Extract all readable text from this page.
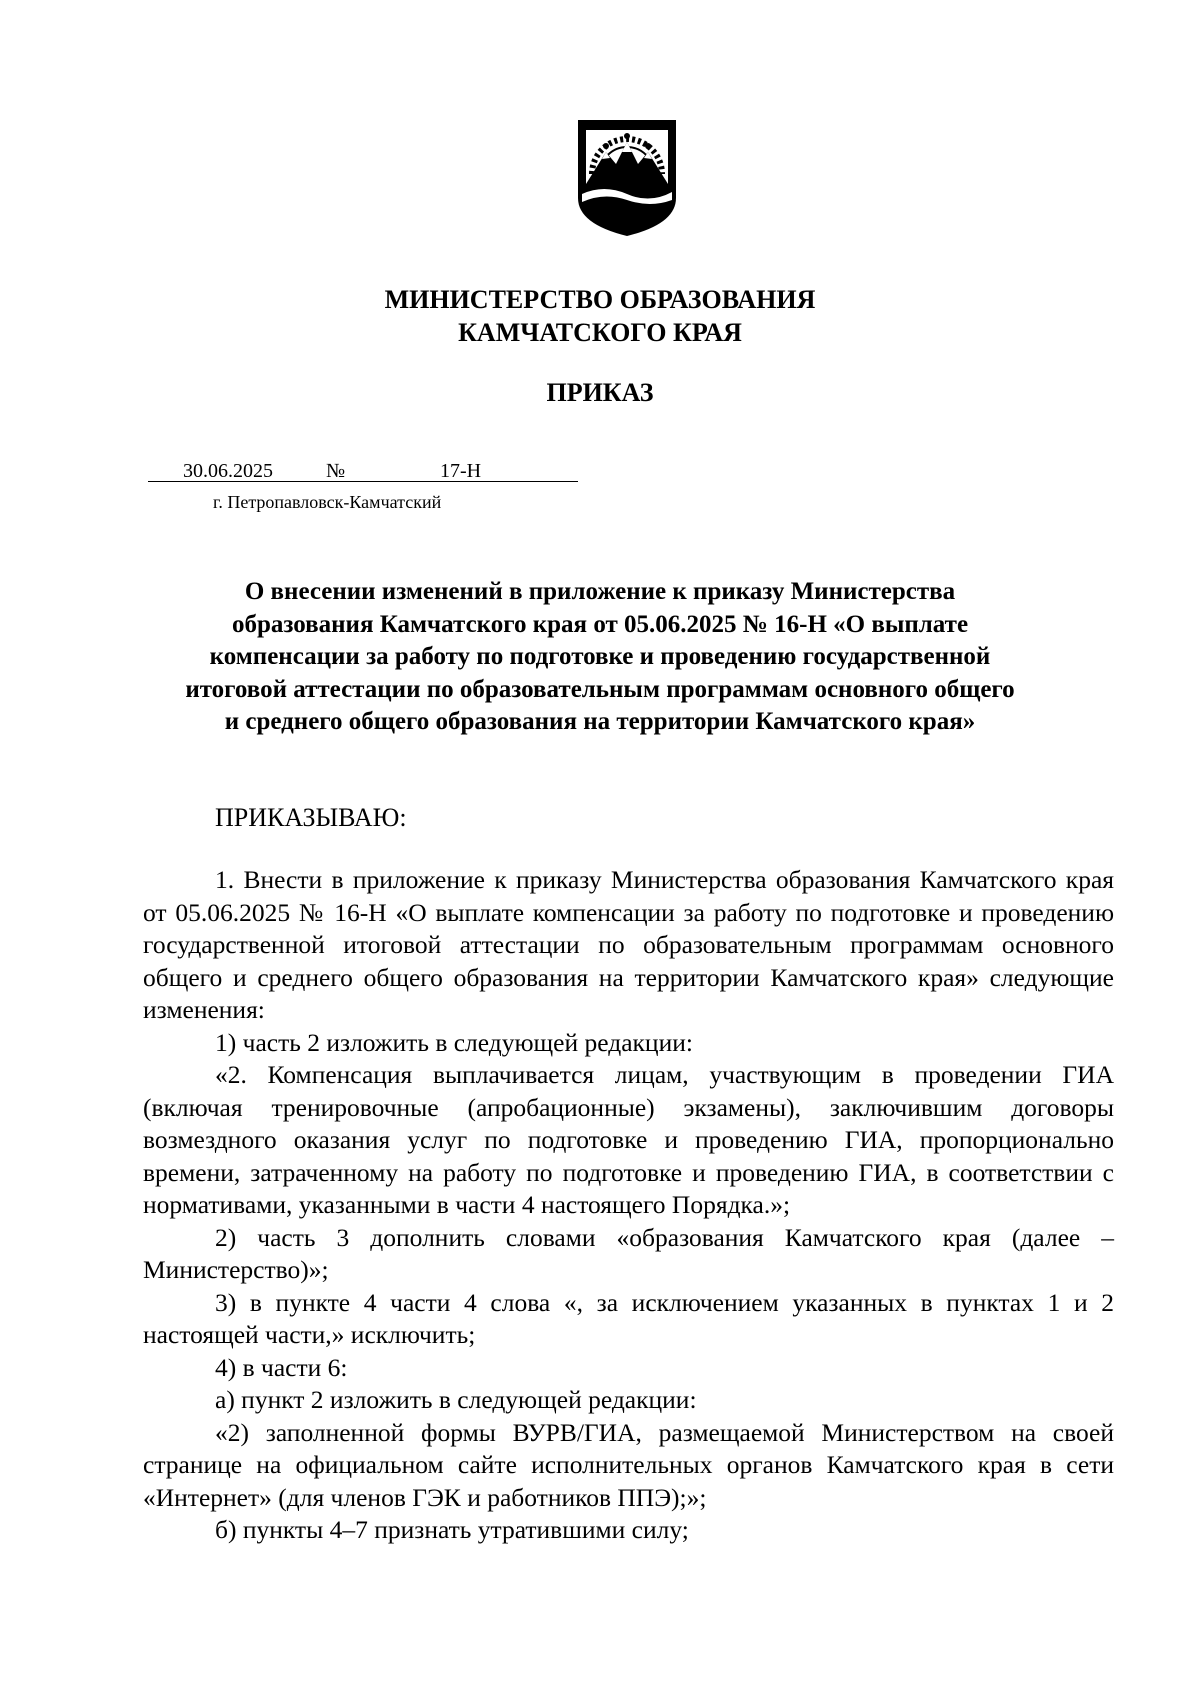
МИНИСТЕРСТВО ОБРАЗОВАНИЯ
КАМЧАТСКОГО КРАЯ
ПРИКАЗ
30.06.2025	№	17-Н
г. Петропавловск-Камчатский
О внесении изменений в приложение к приказу Министерства
образования Камчатского края от 05.06.2025 № 16-Н «О выплате
компенсации за работу по подготовке и проведению государственной
итоговой аттестации по образовательным программам основного общего
и среднего общего образования на территории Камчатского края»
ПРИКАЗЫВАЮ:

1. Внести в приложение к приказу Министерства образования Камчатского края от 05.06.2025 № 16-Н «О выплате компенсации за работу по подготовке и проведению государственной итоговой аттестации по образовательным программам основного общего и среднего общего образования на территории Камчатского края» следующие изменения:

1) часть 2 изложить в следующей редакции:

«2. Компенсация выплачивается лицам, участвующим в проведении ГИА (включая тренировочные (апробационные) экзамены), заключившим договоры возмездного оказания услуг по подготовке и проведению ГИА, пропорционально времени, затраченному на работу по подготовке и проведению ГИА, в соответствии с нормативами, указанными в части 4 настоящего Порядка.»;

2) часть 3 дополнить словами «образования Камчатского края (далее – Министерство)»;

3) в пункте 4 части 4 слова «, за исключением указанных в пунктах 1 и 2 настоящей части,» исключить;

4) в части 6:

а) пункт 2 изложить в следующей редакции:

«2) заполненной формы ВУРВ/ГИА, размещаемой Министерством на своей странице на официальном сайте исполнительных органов Камчатского края в сети «Интернет» (для членов ГЭК и работников ППЭ);»;

б) пункты 4–7 признать утратившими силу;
